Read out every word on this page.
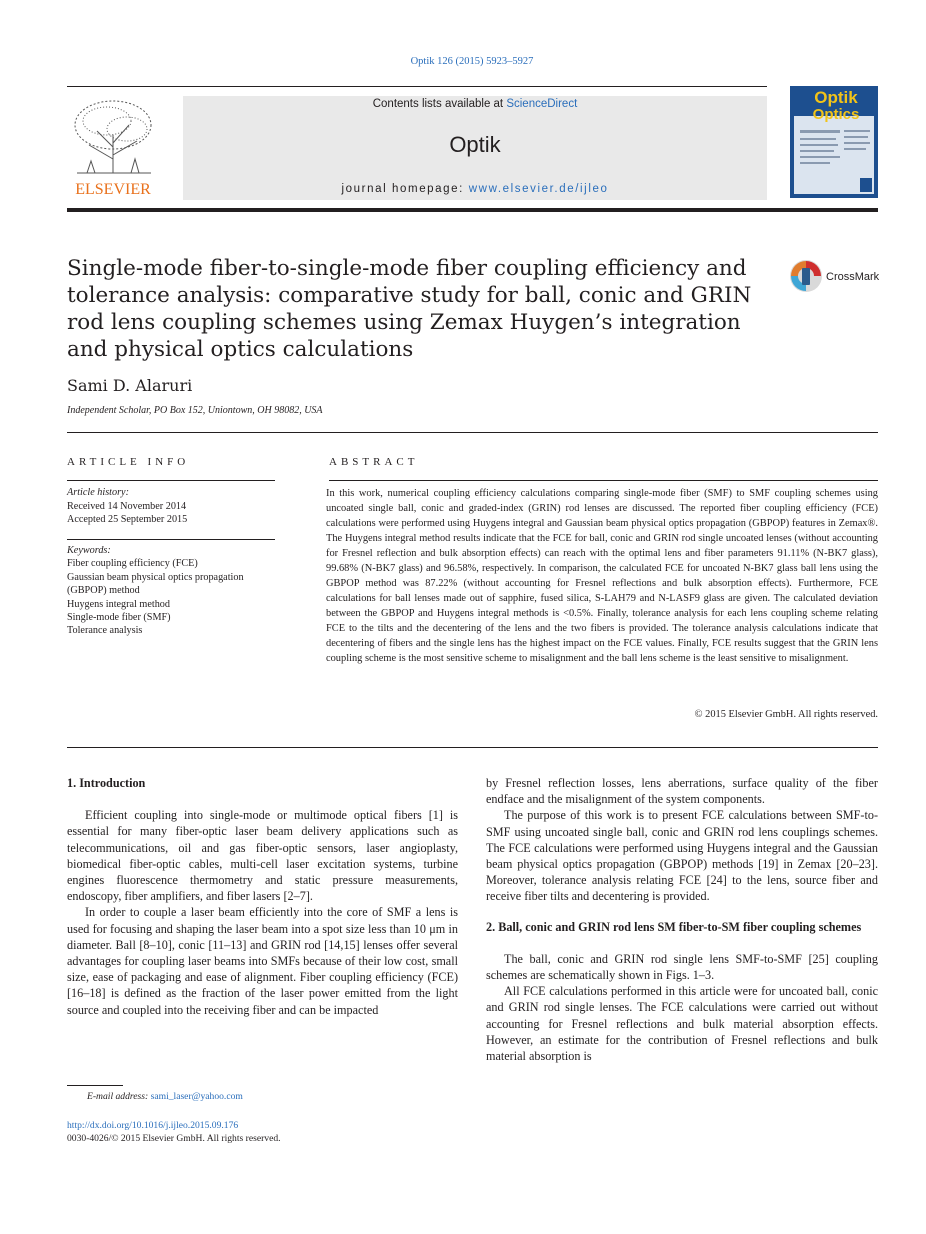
Optik 126 (2015) 5923–5927
ELSEVIER
Contents lists available at ScienceDirect
Optik
journal homepage: www.elsevier.de/ijleo
Optik
Optics
Single-mode fiber-to-single-mode fiber coupling efficiency and tolerance analysis: comparative study for ball, conic and GRIN rod lens coupling schemes using Zemax Huygen’s integration and physical optics calculations
CrossMark
Sami D. Alaruri
Independent Scholar, PO Box 152, Uniontown, OH 98082, USA
ARTICLE INFO	ABSTRACT
Article history:
Received 14 November 2014
Accepted 25 September 2015
Keywords:
Fiber coupling efficiency (FCE)
Gaussian beam physical optics propagation
(GBPOP) method
Huygens integral method
Single-mode fiber (SMF)
Tolerance analysis
In this work, numerical coupling efficiency calculations comparing single-mode fiber (SMF) to SMF coupling schemes using uncoated single ball, conic and graded-index (GRIN) rod lenses are discussed. The reported fiber coupling efficiency (FCE) calculations were performed using Huygens integral and Gaussian beam physical optics propagation (GBPOP) features in Zemax®. The Huygens integral method results indicate that the FCE for ball, conic and GRIN rod single uncoated lenses (without accounting for Fresnel reflection and bulk absorption effects) can reach with the optimal lens and fiber parameters 91.11% (N-BK7 glass), 99.68% (N-BK7 glass) and 96.58%, respectively. In comparison, the calculated FCE for uncoated N-BK7 glass ball lens using the GBPOP method was 87.22% (without accounting for Fresnel reflections and bulk absorption effects). Furthermore, FCE calculations for ball lenses made out of sapphire, fused silica, S-LAH79 and N-LASF9 glass are given. The calculated deviation between the GBPOP and Huygens integral methods is <0.5%. Finally, tolerance analysis for each lens coupling scheme relating FCE to the tilts and the decentering of the lens and the two fibers is provided. The tolerance analysis calculations indicate that decentering of fibers and the single lens has the highest impact on the FCE values. Finally, FCE results suggest that the GRIN lens coupling scheme is the most sensitive scheme to misalignment and the ball lens scheme is the least sensitive to misalignment.
© 2015 Elsevier GmbH. All rights reserved.
1. Introduction

Efficient coupling into single-mode or multimode optical fibers [1] is essential for many fiber-optic laser beam delivery applications such as telecommunications, oil and gas fiber-optic sensors, laser angioplasty, biomedical fiber-optic cables, multi-cell laser excitation systems, turbine engines fluorescence thermometry and static pressure measurements, endoscopy, fiber amplifiers, and fiber lasers [2–7].

In order to couple a laser beam efficiently into the core of SMF a lens is used for focusing and shaping the laser beam into a spot size less than 10 μm in diameter. Ball [8–10], conic [11–13] and GRIN rod [14,15] lenses offer several advantages for coupling laser beams into SMFs because of their low cost, small size, ease of packaging and ease of alignment. Fiber coupling efficiency (FCE) [16–18] is defined as the fraction of the laser power emitted from the light source and coupled into the receiving fiber and can be impacted

by Fresnel reflection losses, lens aberrations, surface quality of the fiber endface and the misalignment of the system components.

The purpose of this work is to present FCE calculations between SMF-to-SMF using uncoated single ball, conic and GRIN rod lens couplings schemes. The FCE calculations were performed using Huygens integral and the Gaussian beam physical optics propagation (GBPOP) methods [19] in Zemax [20–23]. Moreover, tolerance analysis relating FCE [24] to the lens, source fiber and receive fiber tilts and decentering is provided.

2. Ball, conic and GRIN rod lens SM fiber-to-SM fiber coupling schemes

The ball, conic and GRIN rod single lens SMF-to-SMF [25] coupling schemes are schematically shown in Figs. 1–3.

All FCE calculations performed in this article were for uncoated ball, conic and GRIN rod single lenses. The FCE calculations were carried out without accounting for Fresnel reflections and bulk material absorption effects. However, an estimate for the contribution of Fresnel reflections and bulk material absorption is

E-mail address: sami_laser@yahoo.com
http://dx.doi.org/10.1016/j.ijleo.2015.09.176
0030-4026/© 2015 Elsevier GmbH. All rights reserved.
